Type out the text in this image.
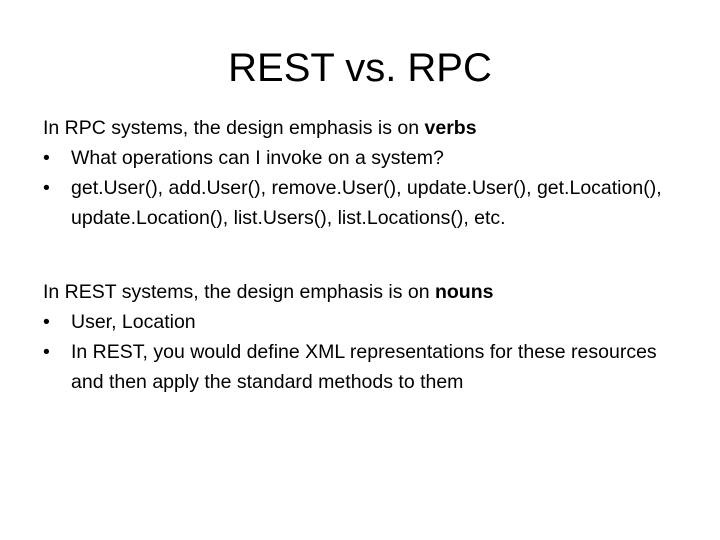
REST vs. RPC

In RPC systems, the design emphasis is on verbs

•	What operations can I invoke on a system?
•	get.User(), add.User(), remove.User(), update.User(), get.Location(), update.Location(), list.Users(), list.Locations(), etc.

In REST systems, the design emphasis is on nouns

•	User, Location
•	In REST, you would define XML representations for these resources and then apply the standard methods to them
